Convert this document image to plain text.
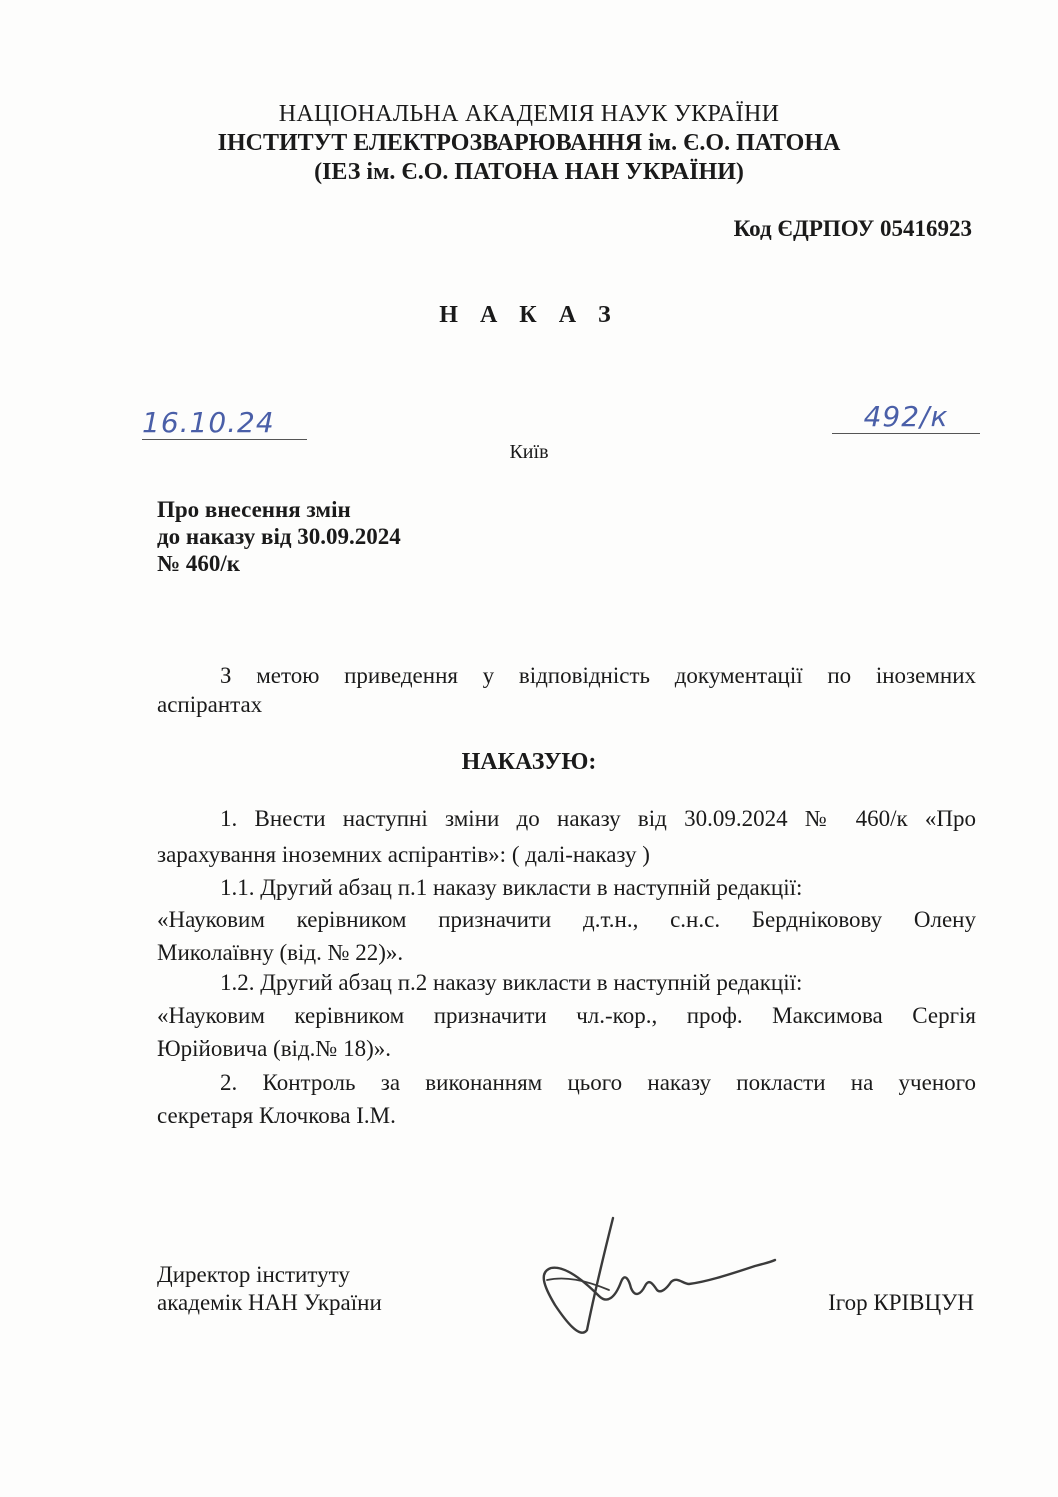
НАЦІОНАЛЬНА АКАДЕМІЯ НАУК УКРАЇНИ
ІНСТИТУТ ЕЛЕКТРОЗВАРЮВАННЯ ім. Є.О. ПАТОНА
(ІЕЗ ім. Є.О. ПАТОНА НАН УКРАЇНИ)
Код ЄДРПОУ 05416923
Н А К А З
16.10.24	492/к
Київ
Про внесення змін
до наказу від 30.09.2024
№ 460/к
З метою приведення у відповідність документації по іноземних
аспірантах
НАКАЗУЮ:
1. Внести наступні зміни до наказу від 30.09.2024 № 460/к «Про
зарахування іноземних аспірантів»: ( далі-наказу )
1.1. Другий абзац п.1 наказу викласти в наступній редакції:
«Науковим керівником призначити д.т.н., с.н.с. Бердніковову Олену
Миколаївну (від. № 22)».
1.2. Другий абзац п.2 наказу викласти в наступній редакції:
«Науковим керівником призначити чл.-кор., проф. Максимова Сергія
Юрійовича (від.№ 18)».
2. Контроль за виконанням цього наказу покласти на ученого
секретаря Клочкова І.М.
Директор інституту
академік НАН України	Ігор КРІВЦУН
